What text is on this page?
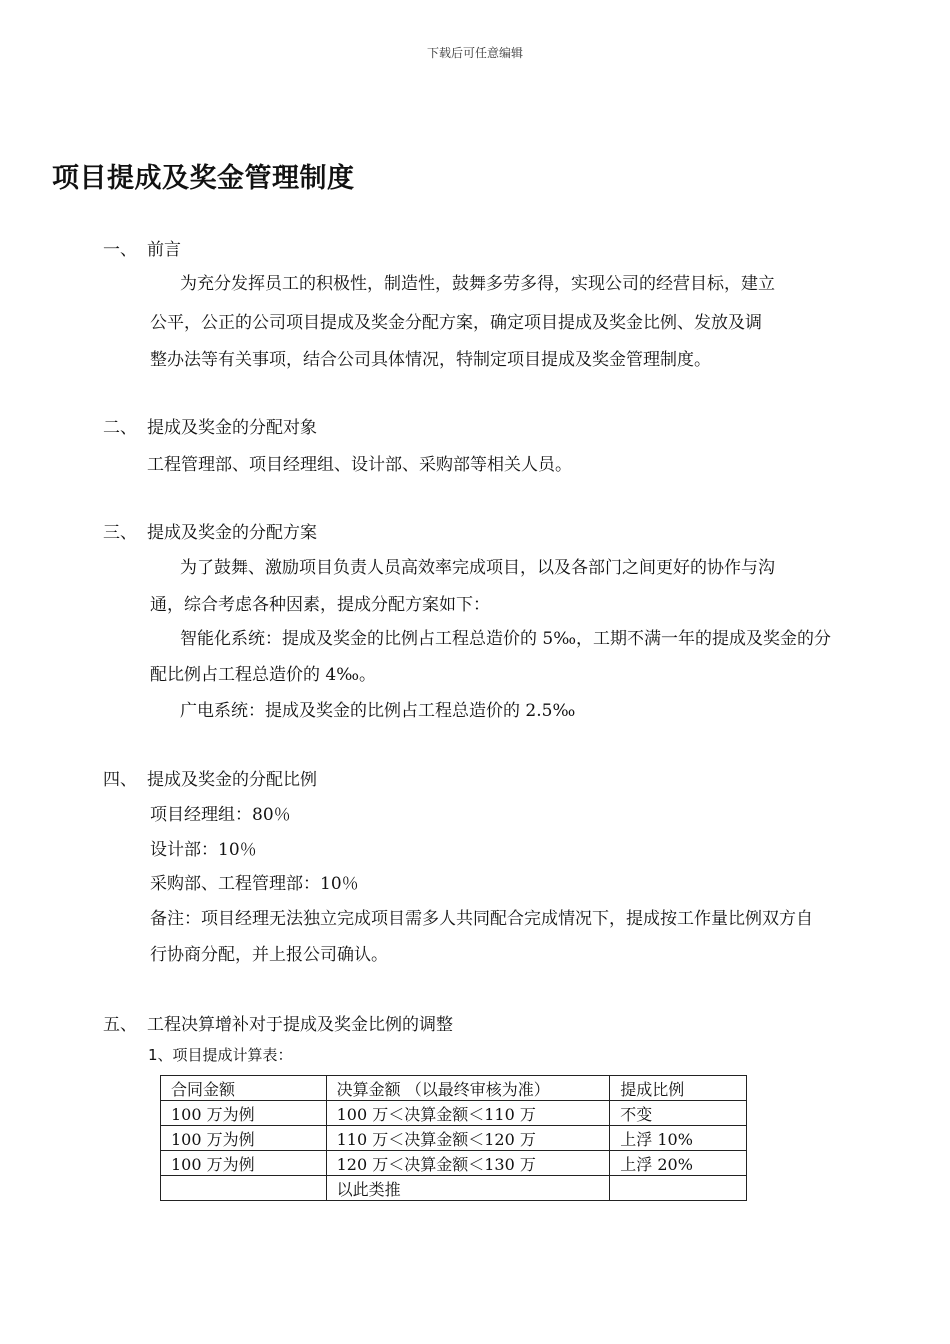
下载后可任意编辑
项目提成及奖金管理制度
一、 前言
为充分发挥员工的积极性，制造性，鼓舞多劳多得，实现公司的经营目标，建立
公平，公正的公司项目提成及奖金分配方案，确定项目提成及奖金比例、发放及调
整办法等有关事项，结合公司具体情况，特制定项目提成及奖金管理制度。
二、 提成及奖金的分配对象
工程管理部、项目经理组、设计部、采购部等相关人员。
三、 提成及奖金的分配方案
为了鼓舞、激励项目负责人员高效率完成项目，以及各部门之间更好的协作与沟
通，综合考虑各种因素，提成分配方案如下：
智能化系统：提成及奖金的比例占工程总造价的 5‰，工期不满一年的提成及奖金的分
配比例占工程总造价的 4‰。
广电系统：提成及奖金的比例占工程总造价的 2.5‰
四、 提成及奖金的分配比例
项目经理组：80％
设计部：10％
采购部、工程管理部：10％
备注：项目经理无法独立完成项目需多人共同配合完成情况下，提成按工作量比例双方自
行协商分配，并上报公司确认。
五、 工程决算增补对于提成及奖金比例的调整
1、项目提成计算表：
合同金额	决算金额 （以最终审核为准）	提成比例
100 万为例	100 万＜决算金额＜110 万	不变
100 万为例	110 万＜决算金额＜120 万	上浮 10%
100 万为例	120 万＜决算金额＜130 万	上浮 20%
	以此类推	
